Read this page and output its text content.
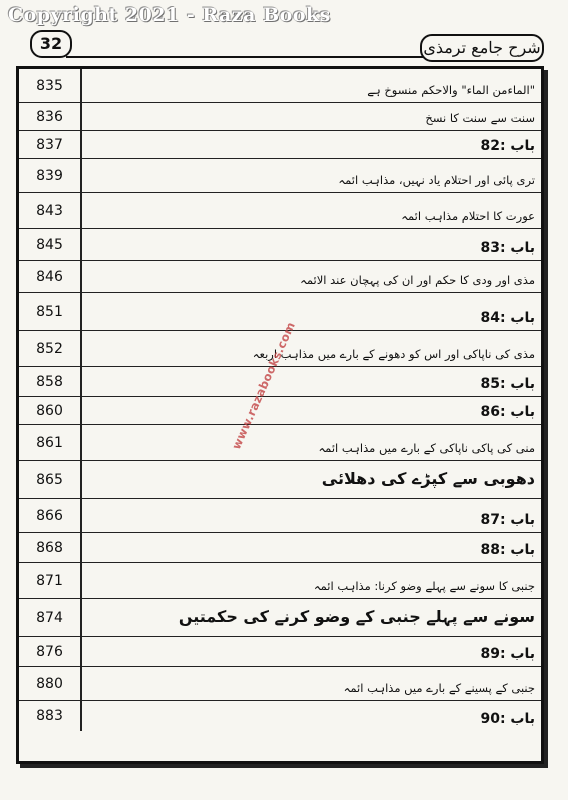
Copyright 2021 - Raza Books
32	شرح جامع ترمذی
835	"الماءمن الماء" والاحکم منسوخ ہے
836	سنت سے سنت کا نسخ
837	باب :82
839	تری پائی اور احتلام یاد نہیں، مذاہب ائمہ
843	عورت کا احتلام مذاہب ائمہ
845	باب :83
846	مذی اور ودی کا حکم اور ان کی پہچان عند الائمہ
851	باب :84
852	مذی کی ناپاکی اور اس کو دھونے کے بارے میں مذاہب اربعہ
858	باب :85
860	باب :86
861	منی کی پاکی ناپاکی کے بارے میں مذاہب ائمہ
865	دھوبی سے کپڑے کی دھلائی
866	باب :87
868	باب :88
871	جنبی کا سونے سے پہلے وضو کرنا: مذاہب ائمہ
874	سونے سے پہلے جنبی کے وضو کرنے کی حکمتیں
876	باب :89
880	جنبی کے پسینے کے بارے میں مذاہب ائمہ
883	باب :90
www.razabooks.com
